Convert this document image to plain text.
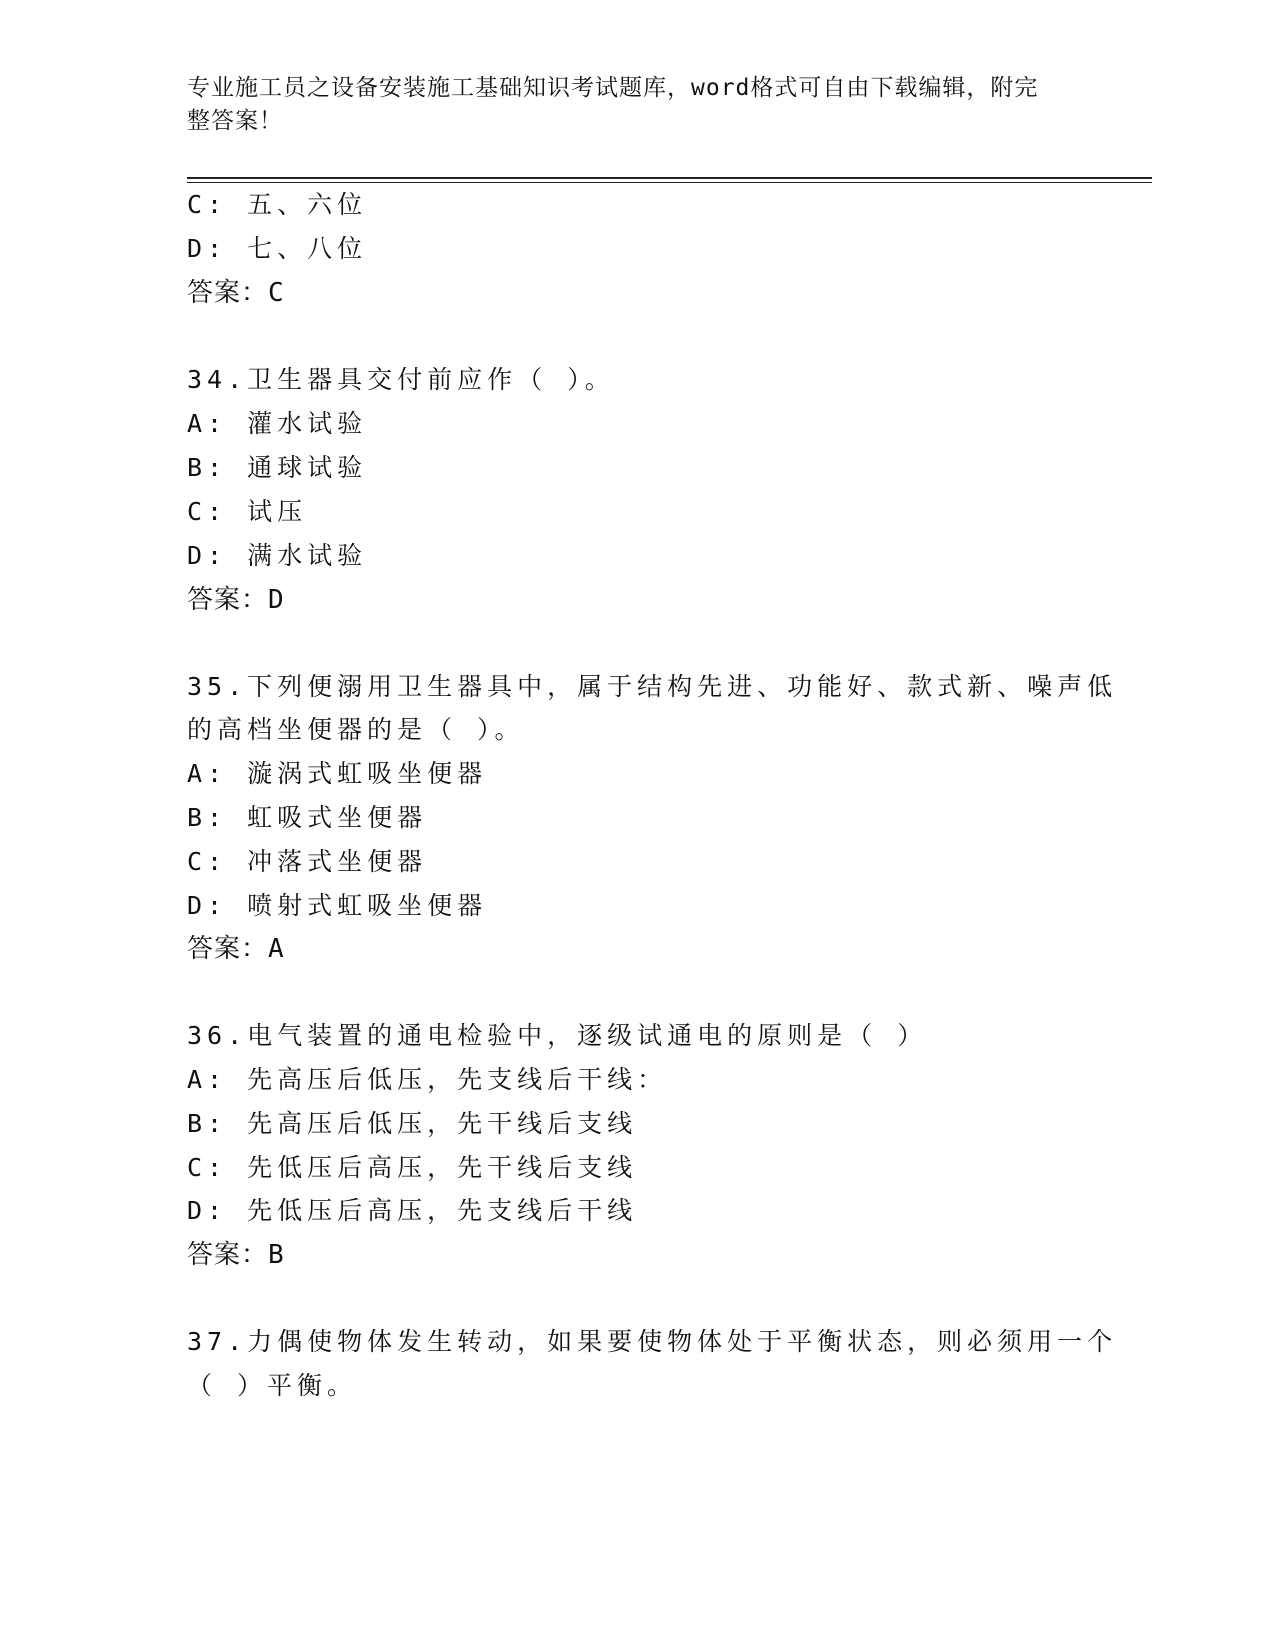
专业施工员之设备安装施工基础知识考试题库，word格式可自由下载编辑，附完
整答案！
C: 五、六位
D: 七、八位
答案：C
34.卫生器具交付前应作（ ）。
A: 灌水试验
B: 通球试验
C: 试压
D: 满水试验
答案：D
35.下列便溺用卫生器具中，属于结构先进、功能好、款式新、噪声低
的高档坐便器的是（ ）。
A: 漩涡式虹吸坐便器
B: 虹吸式坐便器
C: 冲落式坐便器
D: 喷射式虹吸坐便器
答案：A
36.电气装置的通电检验中，逐级试通电的原则是（ ）
A: 先高压后低压，先支线后干线：
B: 先高压后低压，先干线后支线
C: 先低压后高压，先干线后支线
D: 先低压后高压，先支线后干线
答案：B
37.力偶使物体发生转动，如果要使物体处于平衡状态，则必须用一个
（ ）平衡。
